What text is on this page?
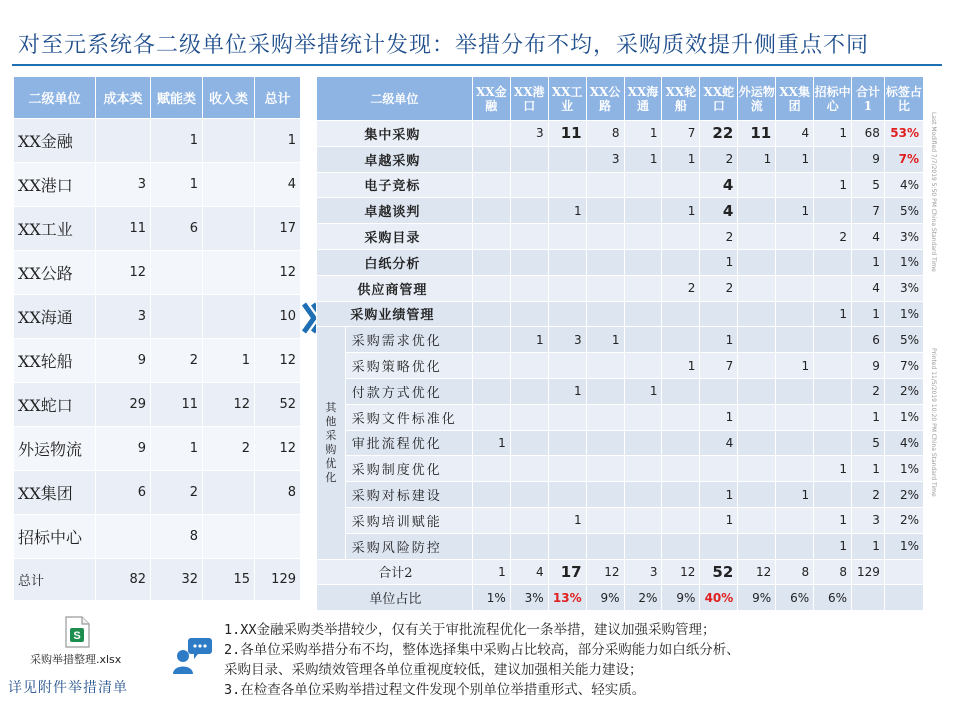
对至元系统各二级单位采购举措统计发现：举措分布不均，采购质效提升侧重点不同
二级单位	成本类	赋能类	收入类	总计
XX金融		1		1
XX港口	3	1		4
XX工业	11	6		17
XX公路	12			12
XX海通	3			10
XX轮船	9	2	1	12
XX蛇口	29	11	12	52
外运物流	9	1	2	12
XX集团	6	2		8
招标中心		8		
总计	82	32	15	129
二级单位		XX金融	XX港口	XX工业	XX公路	XX海通	XX轮船	XX蛇口	外运物流	XX集团	招标中心	合计1	标签占比
集中采购			3	11	8	1	7	22	11	4	1	68	53%
卓越采购					3	1	1	2	1	1		9	7%
电子竞标								4			1	5	4%
卓越谈判				1			1	4		1		7	5%
采购目录								2			2	4	3%
白纸分析								1				1	1%
供应商管理							2	2				4	3%
采购业绩管理											1	1	1%
其他采购优化	采购需求优化		1	3	1			1				6	5%
	采购策略优化						1	7		1		9	7%
	付款方式优化			1		1						2	2%
	采购文件标准化							1				1	1%
	审批流程优化	1						4				5	4%
	采购制度优化										1	1	1%
	采购对标建设							1		1		2	2%
	采购培训赋能			1				1			1	3	2%
	采购风险防控										1	1	1%
合计2		1	4	17	12	3	12	52	12	8	8	129	
单位占比		1%	3%	13%	9%	2%	9%	40%	9%	6%	6%		
Last Modified 7/7/2019 5:50 PM China Standard Time
Printed 11/5/2019 10:20 PM China Standard Time
S
采购举措整理.xlsx
详见附件举措清单
1.XX金融采购类举措较少，仅有关于审批流程优化一条举措，建议加强采购管理；
2.各单位采购举措分布不均，整体选择集中采购占比较高，部分采购能力如白纸分析、
采购目录、采购绩效管理各单位重视度较低，建议加强相关能力建设；
3.在检查各单位采购举措过程文件发现个别单位举措重形式、轻实质。
